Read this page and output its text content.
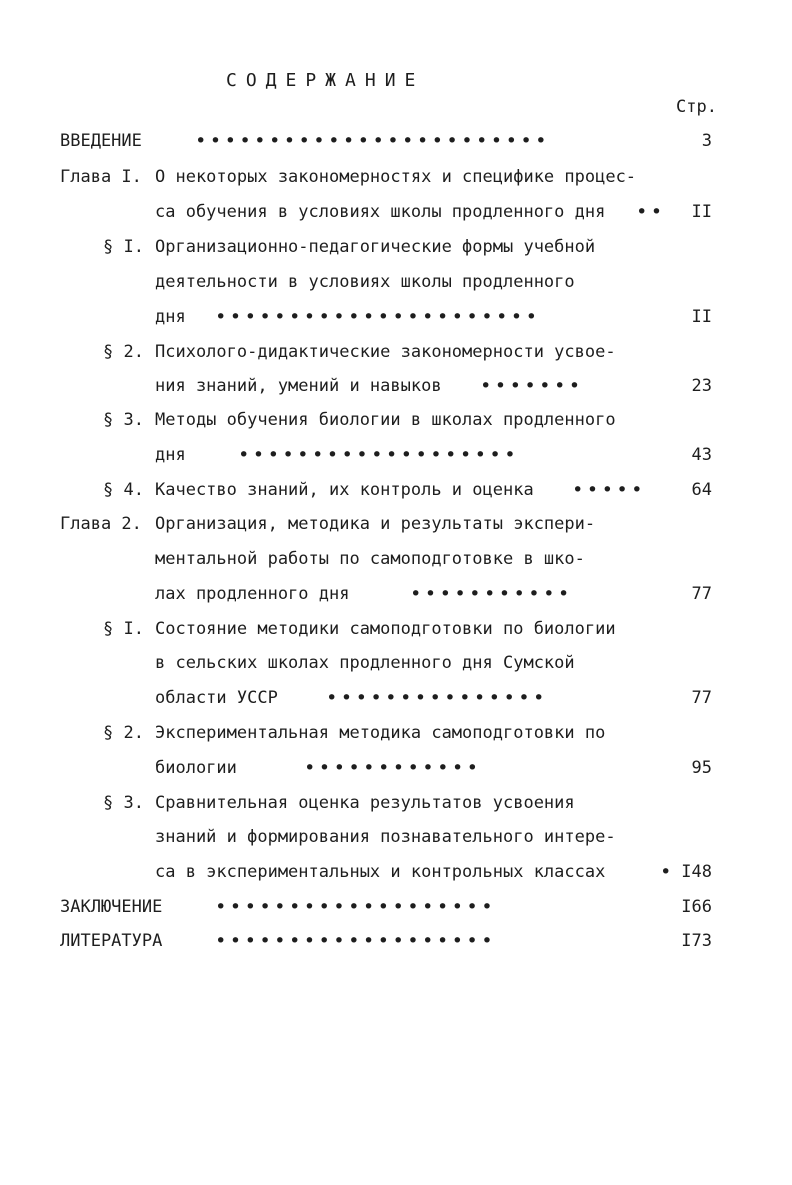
СОДЕРЖАНИЕ
Стр.
ВВЕДЕНИЕ	••••••••••••••••••••••••	3
Глава I. О некоторых закономерностях и специфике процес-
са обучения в условиях школы продленного дня ••	II
§ I. Организационно-педагогические формы учебной
деятельности в условиях школы продленного
дня ••••••••••••••••••••••	II
§ 2. Психолого-дидактические закономерности усвое-
ния знаний, умений и навыков •••••••	23
§ 3. Методы обучения биологии в школах продленного
дня	•••••••••••••••••••	43
§ 4. Качество знаний, их контроль и оценка •••••	64
Глава 2. Организация, методика и результаты экспери-
ментальной работы по самоподготовке в шко-
лах продленного дня	•••••••••••	77
§ I. Состояние методики самоподготовки по биологии
в сельских школах продленного дня Сумской
области УССР	•••••••••••••••	77
§ 2. Экспериментальная методика самоподготовки по
биологии	••••••••••••	95
§ 3. Сравнительная оценка результатов усвоения
знаний и формирования познавательного интере-
са в экспериментальных и контрольных классах	• I48
ЗАКЛЮЧЕНИЕ	•••••••••••••••••••	I66
ЛИТЕРАТУРА	•••••••••••••••••••	I73
